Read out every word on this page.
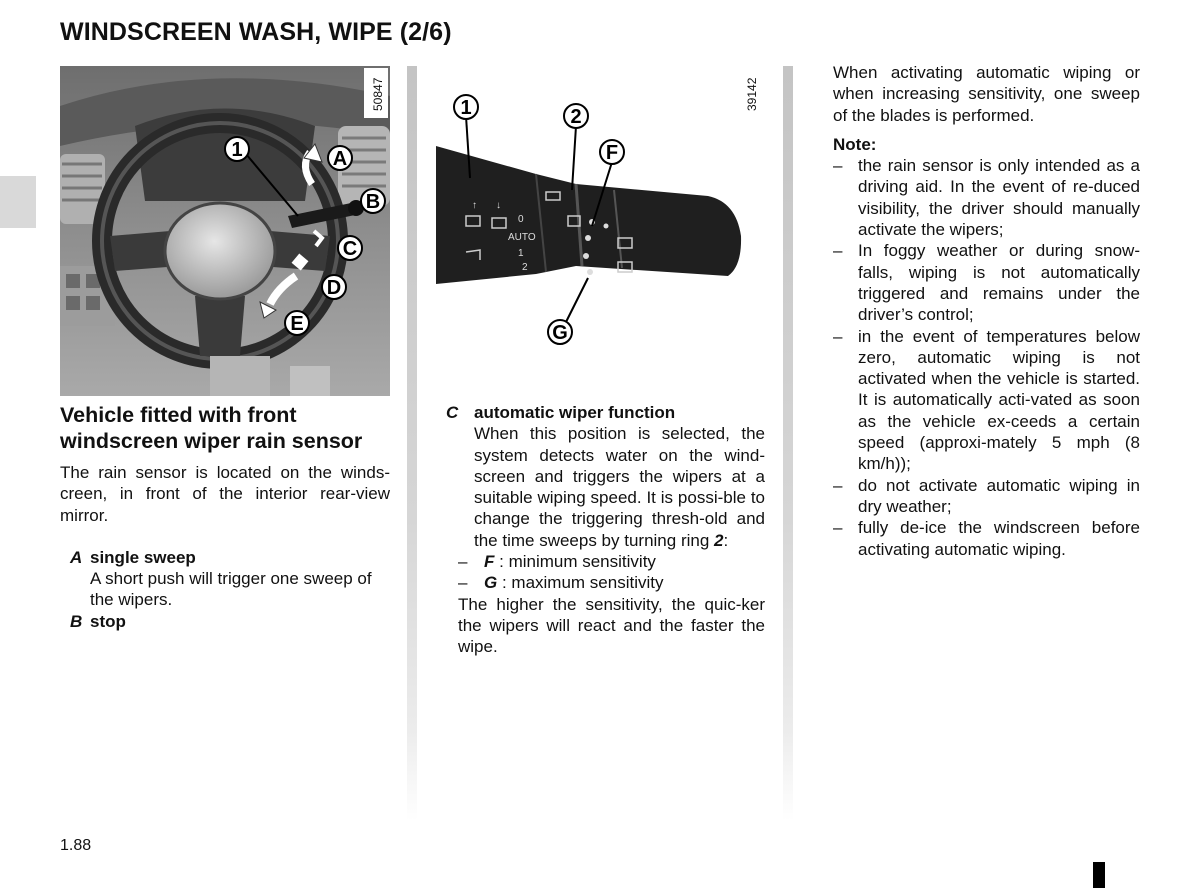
WINDSCREEN WASH, WIPE (2/6)
1	A
B
C
D
E
50847
↑ ↓
AUTO
0
1
2
1	2
F
G
39142
Vehicle fitted with front
windscreen wiper rain sensor

The rain sensor is located on the winds-creen, in front of the interior rear-view mirror.

A single sweep
A short push will trigger one sweep of the wipers.
B stop
C automatic wiper function
When this position is selected, the system detects water on the wind-screen and triggers the wipers at a suitable wiping speed. It is possi-ble to change the triggering thresh-old and the time sweeps by turning ring 2:
– F : minimum sensitivity
– G : maximum sensitivity
The higher the sensitivity, the quic-ker the wipers will react and the faster the wipe.

When activating automatic wiping or when increasing sensitivity, one sweep of the blades is performed.

Note:
– the rain sensor is only intended as a driving aid. In the event of re-duced visibility, the driver should manually activate the wipers;
– In foggy weather or during snow-falls, wiping is not automatically triggered and remains under the driver’s control;
– in the event of temperatures below zero, automatic wiping is not activated when the vehicle is started. It is automatically acti-vated as soon as the vehicle ex-ceeds a certain speed (approxi-mately 5 mph (8 km/h));
– do not activate automatic wiping in dry weather;
– fully de-ice the windscreen before activating automatic wiping.
1.88
